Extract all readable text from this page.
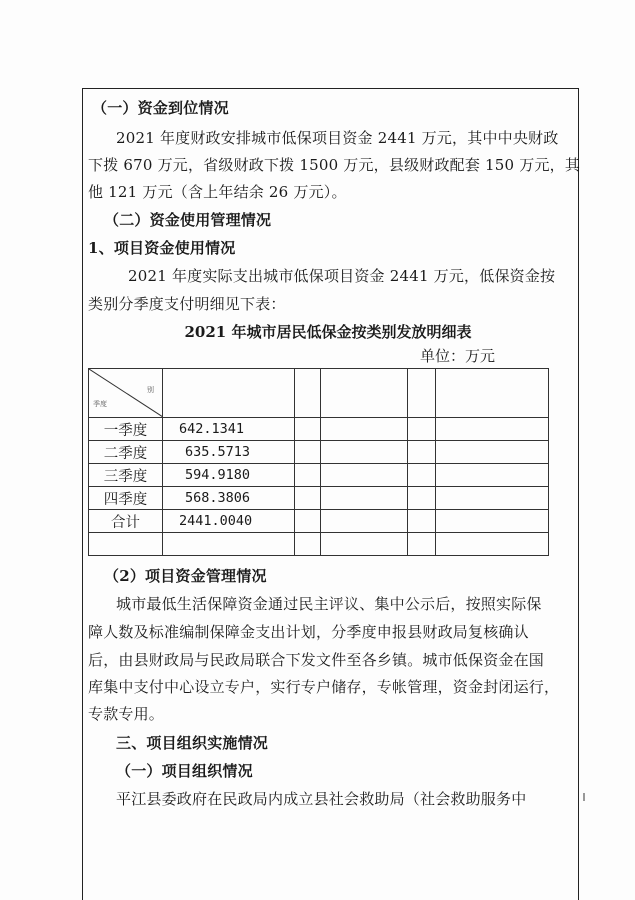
（一）资金到位情况
2021 年度财政安排城市低保项目资金 2441 万元，其中中央财政
下拨 670 万元，省级财政下拨 1500 万元，县级财政配套 150 万元，其
他 121 万元（含上年结余 26 万元）。
（二）资金使用管理情况
1、项目资金使用情况
2021 年度实际支出城市低保项目资金 2441 万元，低保资金按
类别分季度支付明细见下表：
2021 年城市居民低保金按类别发放明细表
单位：万元
别
季度						

一季度	642.1341					
二季度	635.5713					
三季度	594.9180					
四季度	568.3806					
合计	2441.0040					

（2）项目资金管理情况
城市最低生活保障资金通过民主评议、集中公示后，按照实际保
障人数及标准编制保障金支出计划，分季度申报县财政局复核确认
后，由县财政局与民政局联合下发文件至各乡镇。城市低保资金在国
库集中支付中心设立专户，实行专户储存，专帐管理，资金封闭运行，
专款专用。
三、项目组织实施情况
（一）项目组织情况
平江县委政府在民政局内成立县社会救助局（社会救助服务中
